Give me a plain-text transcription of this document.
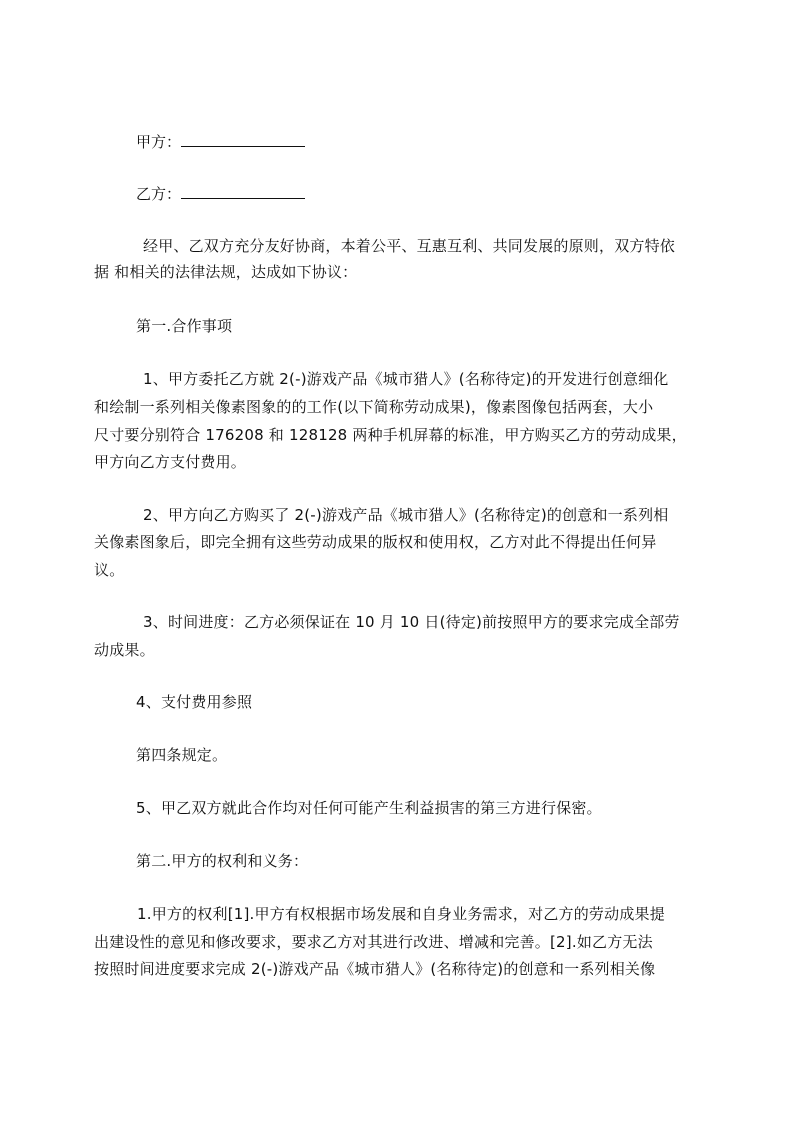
甲方：
乙方：
经甲、乙双方充分友好协商，本着公平、互惠互利、共同发展的原则，双方特依
据 和相关的法律法规，达成如下协议：
第一.合作事项
1、甲方委托乙方就 2(-)游戏产品《城市猎人》(名称待定)的开发进行创意细化
和绘制一系列相关像素图象的的工作(以下简称劳动成果)，像素图像包括两套，大小
尺寸要分别符合 176208 和 128128 两种手机屏幕的标准，甲方购买乙方的劳动成果，
甲方向乙方支付费用。
2、甲方向乙方购买了 2(-)游戏产品《城市猎人》(名称待定)的创意和一系列相
关像素图象后，即完全拥有这些劳动成果的版权和使用权，乙方对此不得提出任何异
议。
3、时间进度：乙方必须保证在 10 月 10 日(待定)前按照甲方的要求完成全部劳
动成果。
4、支付费用参照
第四条规定。
5、甲乙双方就此合作均对任何可能产生利益损害的第三方进行保密。
第二.甲方的权利和义务：
1.甲方的权利[1].甲方有权根据市场发展和自身业务需求，对乙方的劳动成果提
出建设性的意见和修改要求，要求乙方对其进行改进、增减和完善。[2].如乙方无法
按照时间进度要求完成 2(-)游戏产品《城市猎人》(名称待定)的创意和一系列相关像
